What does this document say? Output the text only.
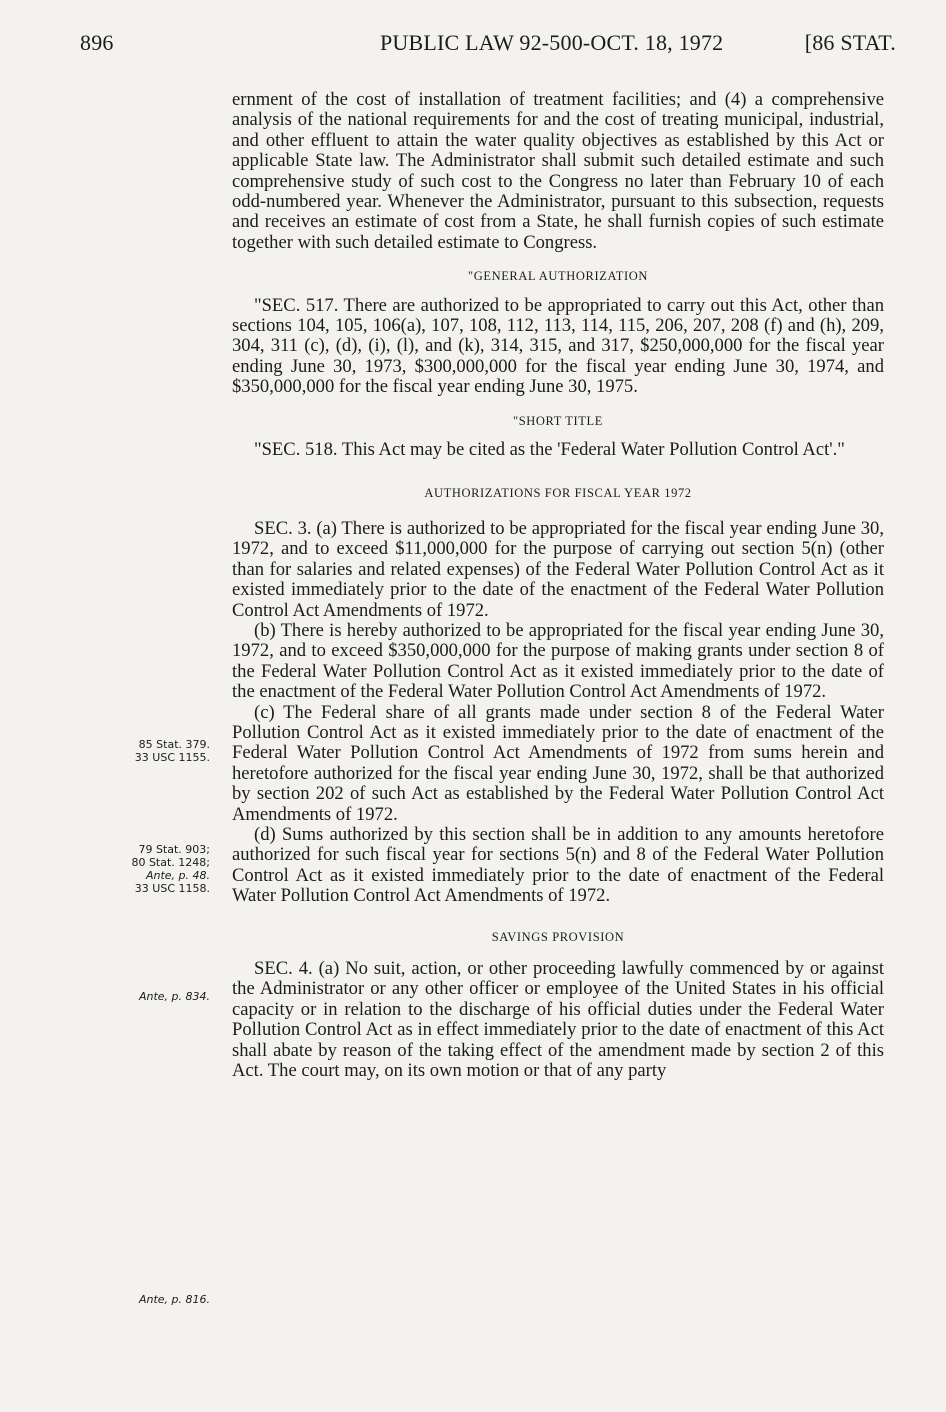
896	PUBLIC LAW 92-500-OCT. 18, 1972	[86 STAT.

ernment of the cost of installation of treatment facilities; and (4) a comprehensive analysis of the national requirements for and the cost of treating municipal, industrial, and other effluent to attain the water quality objectives as established by this Act or applicable State law. The Administrator shall submit such detailed estimate and such comprehensive study of such cost to the Congress no later than February 10 of each odd-numbered year. Whenever the Administrator, pursuant to this subsection, requests and receives an estimate of cost from a State, he shall furnish copies of such estimate together with such detailed estimate to Congress.

"GENERAL AUTHORIZATION

"SEC. 517. There are authorized to be appropriated to carry out this Act, other than sections 104, 105, 106(a), 107, 108, 112, 113, 114, 115, 206, 207, 208 (f) and (h), 209, 304, 311 (c), (d), (i), (l), and (k), 314, 315, and 317, $250,000,000 for the fiscal year ending June 30, 1973, $300,000,000 for the fiscal year ending June 30, 1974, and $350,000,000 for the fiscal year ending June 30, 1975.

"SHORT TITLE

"SEC. 518. This Act may be cited as the 'Federal Water Pollution Control Act'."

AUTHORIZATIONS FOR FISCAL YEAR 1972

SEC. 3. (a) There is authorized to be appropriated for the fiscal year ending June 30, 1972, and to exceed $11,000,000 for the purpose of carrying out section 5(n) (other than for salaries and related expenses) of the Federal Water Pollution Control Act as it existed immediately prior to the date of the enactment of the Federal Water Pollution Control Act Amendments of 1972.

(b) There is hereby authorized to be appropriated for the fiscal year ending June 30, 1972, and to exceed $350,000,000 for the purpose of making grants under section 8 of the Federal Water Pollution Control Act as it existed immediately prior to the date of the enactment of the Federal Water Pollution Control Act Amendments of 1972.

(c) The Federal share of all grants made under section 8 of the Federal Water Pollution Control Act as it existed immediately prior to the date of enactment of the Federal Water Pollution Control Act Amendments of 1972 from sums herein and heretofore authorized for the fiscal year ending June 30, 1972, shall be that authorized by section 202 of such Act as established by the Federal Water Pollution Control Act Amendments of 1972.

(d) Sums authorized by this section shall be in addition to any amounts heretofore authorized for such fiscal year for sections 5(n) and 8 of the Federal Water Pollution Control Act as it existed immediately prior to the date of enactment of the Federal Water Pollution Control Act Amendments of 1972.

SAVINGS PROVISION

SEC. 4. (a) No suit, action, or other proceeding lawfully commenced by or against the Administrator or any other officer or employee of the United States in his official capacity or in relation to the discharge of his official duties under the Federal Water Pollution Control Act as in effect immediately prior to the date of enactment of this Act shall abate by reason of the taking effect of the amendment made by section 2 of this Act. The court may, on its own motion or that of any party

85 Stat. 379.
33 USC 1155.
79 Stat. 903;
80 Stat. 1248;
Ante, p. 48.
33 USC 1158.
Ante, p. 834.
Ante, p. 816.
